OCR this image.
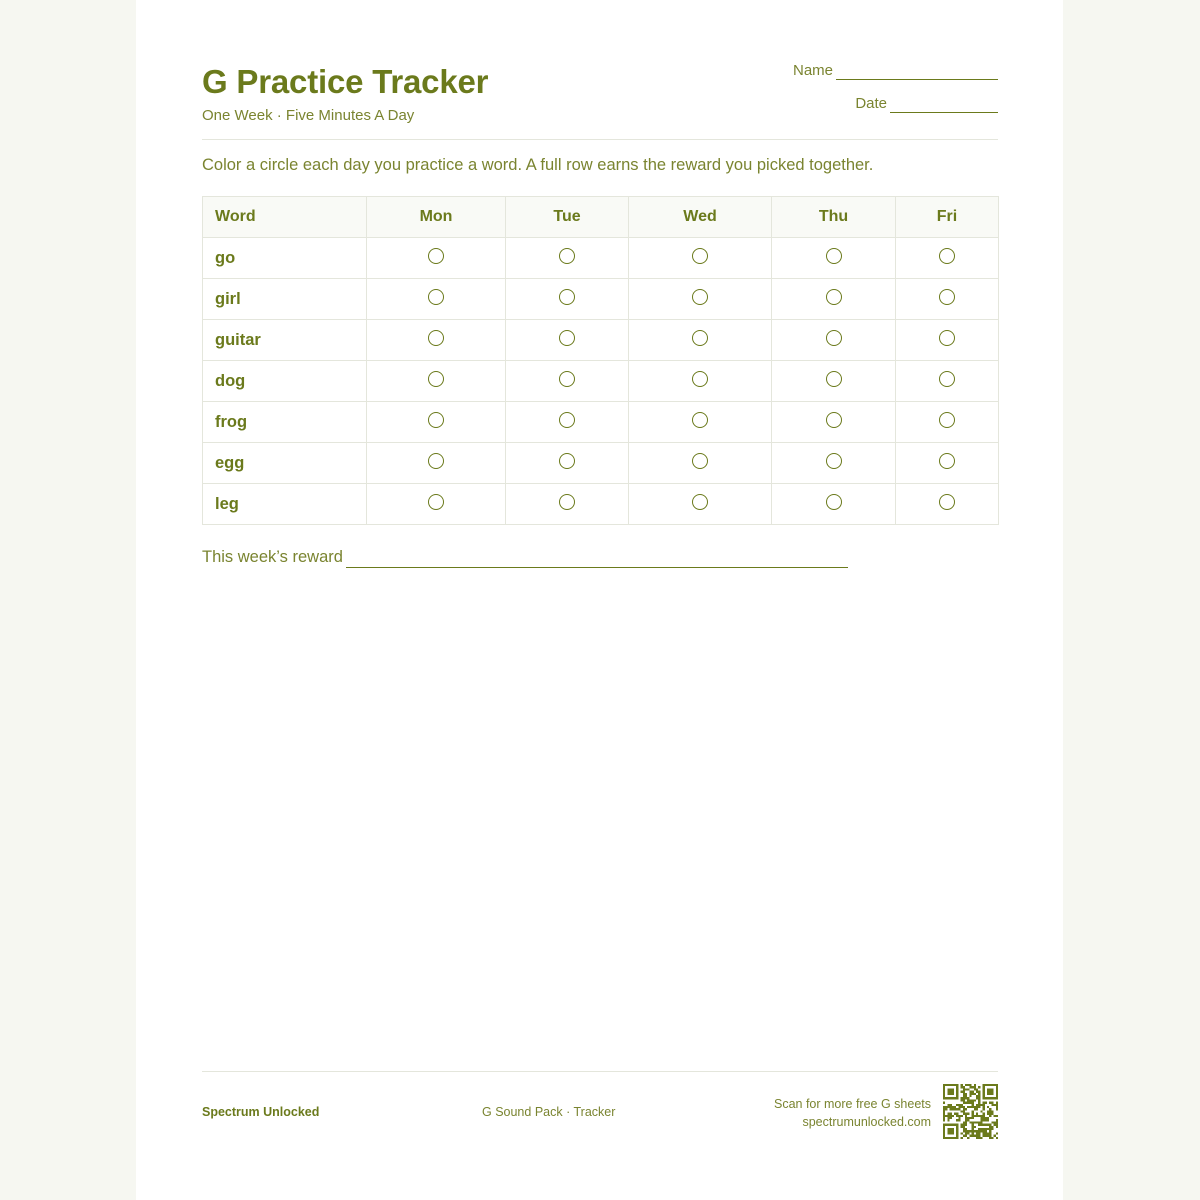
G Practice Tracker
One Week · Five Minutes A Day
Name
Date
Color a circle each day you practice a word. A full row earns the reward you picked together.
Word	Mon	Tue	Wed	Thu	Fri
go					
girl					
guitar					
dog					
frog					
egg					
leg					
This week’s reward
Spectrum Unlocked	G Sound Pack · Tracker
Scan for more free G sheets
spectrumunlocked.com
